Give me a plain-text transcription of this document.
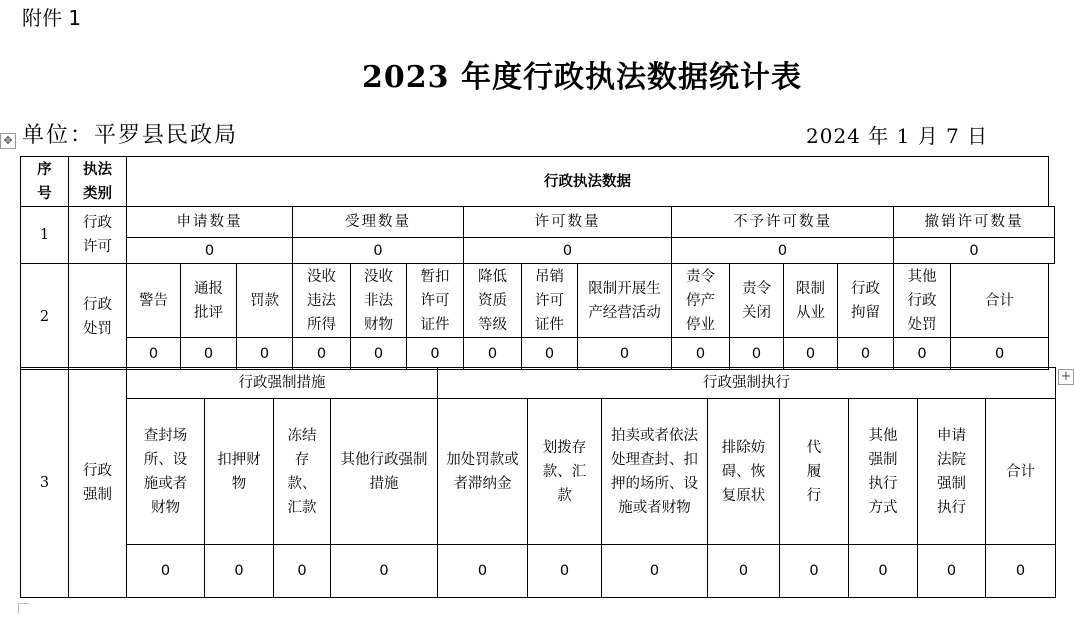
附件 1
2023 年度行政执法数据统计表
单位：平罗县民政局	2024 年 1 月 7 日
✥
+
序号	执法类别	行政执法数据														
1	行政许可	申请数量			受理数量			许可数量			不予许可数量				撤销许可数量	
		0			0			0			0				0	
2	行政处罚	警告	通报批评	罚款	没收违法所得	没收非法财物	暂扣许可证件	降低资质等级	吊销许可证件	限制开展生产经营活动	责令停产停业	责令关闭	限制从业	行政拘留	其他行政处罚	合计
		0	0	0	0	0	0	0	0	0	0	0	0	0	0	0
3	行政强制	行政强制措施				行政强制执行							
		查封场所、设施或者财物	扣押财物	冻结存款、汇款	其他行政强制措施	加处罚款或者滞纳金	划拨存款、汇款	拍卖或者依法处理查封、扣押的场所、设施或者财物	排除妨碍、恢复原状	代履行	其他强制执行方式	申请法院强制执行	合计
		0	0	0	0	0	0	0	0	0	0	0	0
